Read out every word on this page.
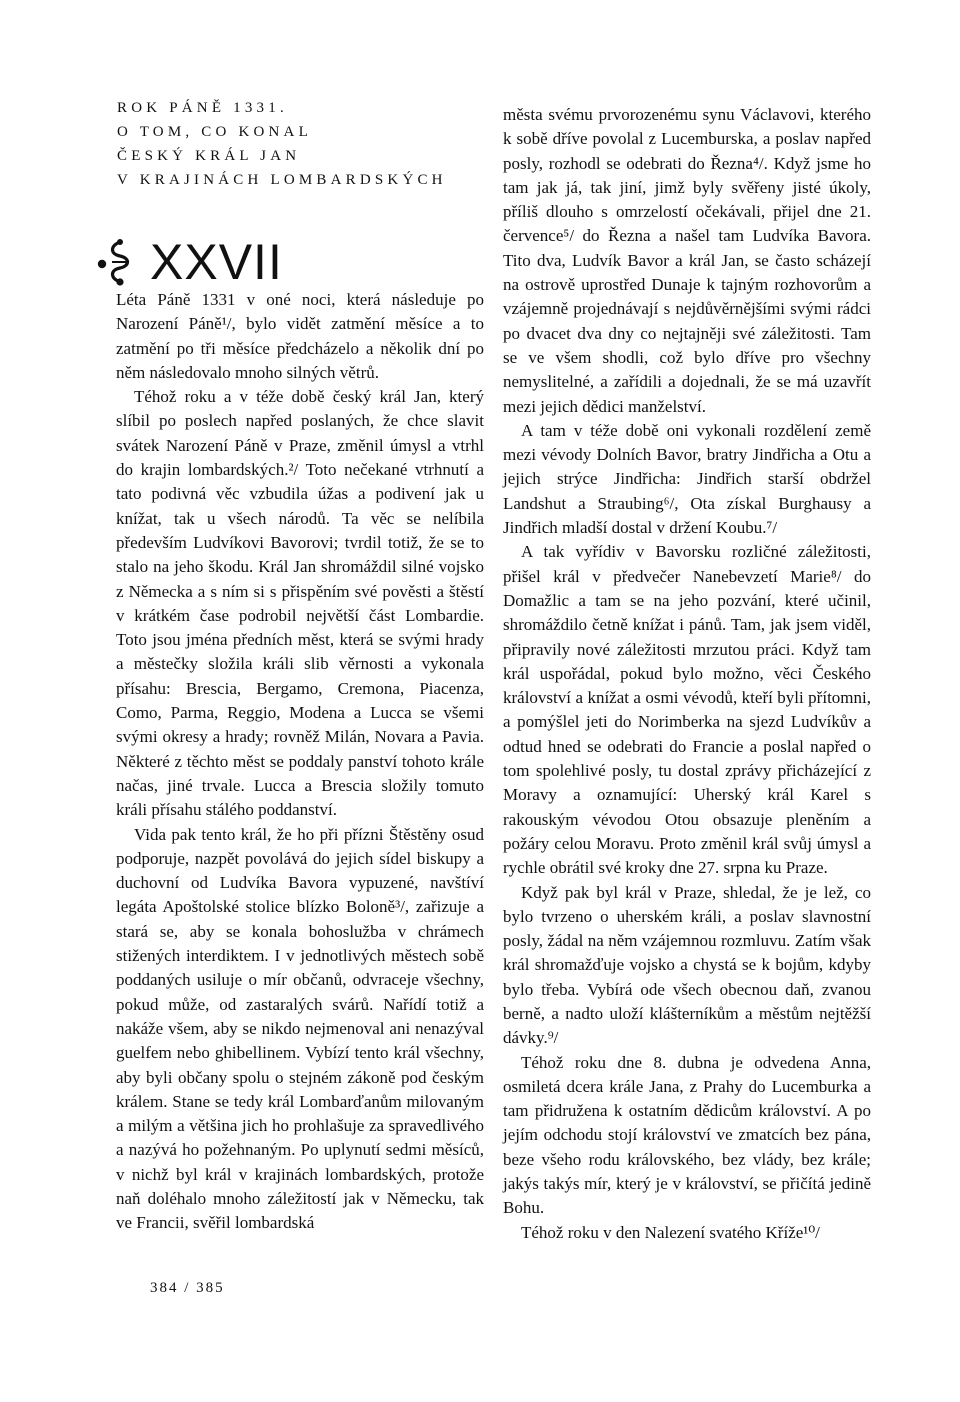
ROK PÁNĚ 1331.
O TOM, CO KONAL
ČESKÝ KRÁL JAN
V KRAJINÁCH LOMBARDSKÝCH
XXVII

Léta Páně 1331 v oné noci, která následuje po Narození Páně¹/, bylo vidět zatmění měsíce a to zatmění po tři měsíce předcházelo a několik dní po něm následovalo mnoho silných větrů.

Téhož roku a v téže době český král Jan, který slíbil po poslech napřed poslaných, že chce slavit svátek Narození Páně v Praze, změnil úmysl a vtrhl do krajin lombardských.²/ Toto nečekané vtrhnutí a tato podivná věc vzbudila úžas a podivení jak u knížat, tak u všech národů. Ta věc se nelíbila především Ludvíkovi Bavorovi; tvrdil totiž, že se to stalo na jeho škodu. Král Jan shromáždil silné vojsko z Německa a s ním si s přispěním své pověsti a štěstí v krátkém čase podrobil největší část Lombardie. Toto jsou jména předních měst, která se svými hrady a městečky složila králi slib věrnosti a vykonala přísahu: Brescia, Bergamo, Cremona, Piacenza, Como, Parma, Reggio, Modena a Lucca se všemi svými okresy a hrady; rovněž Milán, Novara a Pavia. Některé z těchto měst se poddaly panství tohoto krále načas, jiné trvale. Lucca a Brescia složily tomuto králi přísahu stálého poddanství.

Vida pak tento král, že ho při přízni Štěstěny osud podporuje, nazpět povolává do jejich sídel biskupy a duchovní od Ludvíka Bavora vypuzené, navštíví legáta Apoštolské stolice blízko Boloně³/, zařizuje a stará se, aby se konala bohoslužba v chrámech stižených interdiktem. I v jednotlivých městech sobě poddaných usiluje o mír občanů, odvraceje všechny, pokud může, od zastaralých svárů. Nařídí totiž a nakáže všem, aby se nikdo nejmenoval ani nenazýval guelfem nebo ghibellinem. Vybízí tento král všechny, aby byli občany spolu o stejném zákoně pod českým králem. Stane se tedy král Lombarďanům milovaným a milým a většina jich ho prohlašuje za spravedlivého a nazývá ho požehnaným. Po uplynutí sedmi měsíců, v nichž byl král v krajinách lombardských, protože naň doléhalo mnoho záležitostí jak v Německu, tak ve Francii, svěřil lombardská

města svému prvorozenému synu Václavovi, kterého k sobě dříve povolal z Lucemburska, a poslav napřed posly, rozhodl se odebrati do Řezna⁴/. Když jsme ho tam jak já, tak jiní, jimž byly svěřeny jisté úkoly, příliš dlouho s omrzelostí očekávali, přijel dne 21. července⁵/ do Řezna a našel tam Ludvíka Bavora. Tito dva, Ludvík Bavor a král Jan, se často scházejí na ostrově uprostřed Dunaje k tajným rozhovorům a vzájemně projednávají s nejdůvěrnějšími svými rádci po dvacet dva dny co nejtajněji své záležitosti. Tam se ve všem shodli, což bylo dříve pro všechny nemyslitelné, a zařídili a dojednali, že se má uzavřít mezi jejich dědici manželství.

A tam v téže době oni vykonali rozdělení země mezi vévody Dolních Bavor, bratry Jindřicha a Otu a jejich strýce Jindřicha: Jindřich starší obdržel Landshut a Straubing⁶/, Ota získal Burghausy a Jindřich mladší dostal v držení Koubu.⁷/

A tak vyřídiv v Bavorsku rozličné záležitosti, přišel král v předvečer Nanebevzetí Marie⁸/ do Domažlic a tam se na jeho pozvání, které učinil, shromáždilo četně knížat i pánů. Tam, jak jsem viděl, připravily nové záležitosti mrzutou práci. Když tam král uspořádal, pokud bylo možno, věci Českého království a knížat a osmi vévodů, kteří byli přítomni, a pomýšlel jeti do Norimberka na sjezd Ludvíkův a odtud hned se odebrati do Francie a poslal napřed o tom spolehlivé posly, tu dostal zprávy přicházející z Moravy a oznamující: Uherský král Karel s rakouským vévodou Otou obsazuje pleněním a požáry celou Moravu. Proto změnil král svůj úmysl a rychle obrátil své kroky dne 27. srpna ku Praze.

Když pak byl král v Praze, shledal, že je lež, co bylo tvrzeno o uherském králi, a poslav slavnostní posly, žádal na něm vzájemnou rozmluvu. Zatím však král shromažďuje vojsko a chystá se k bojům, kdyby bylo třeba. Vybírá ode všech obecnou daň, zvanou berně, a nadto uloží klášterníkům a městům nejtěžší dávky.⁹/

Téhož roku dne 8. dubna je odvedena Anna, osmiletá dcera krále Jana, z Prahy do Lucemburka a tam přidružena k ostatním dědicům království. A po jejím odchodu stojí království ve zmatcích bez pána, beze všeho rodu královského, bez vlády, bez krále; jakýs takýs mír, který je v království, se přičítá jedině Bohu.

Téhož roku v den Nalezení svatého Kříže¹⁰/

384 / 385
